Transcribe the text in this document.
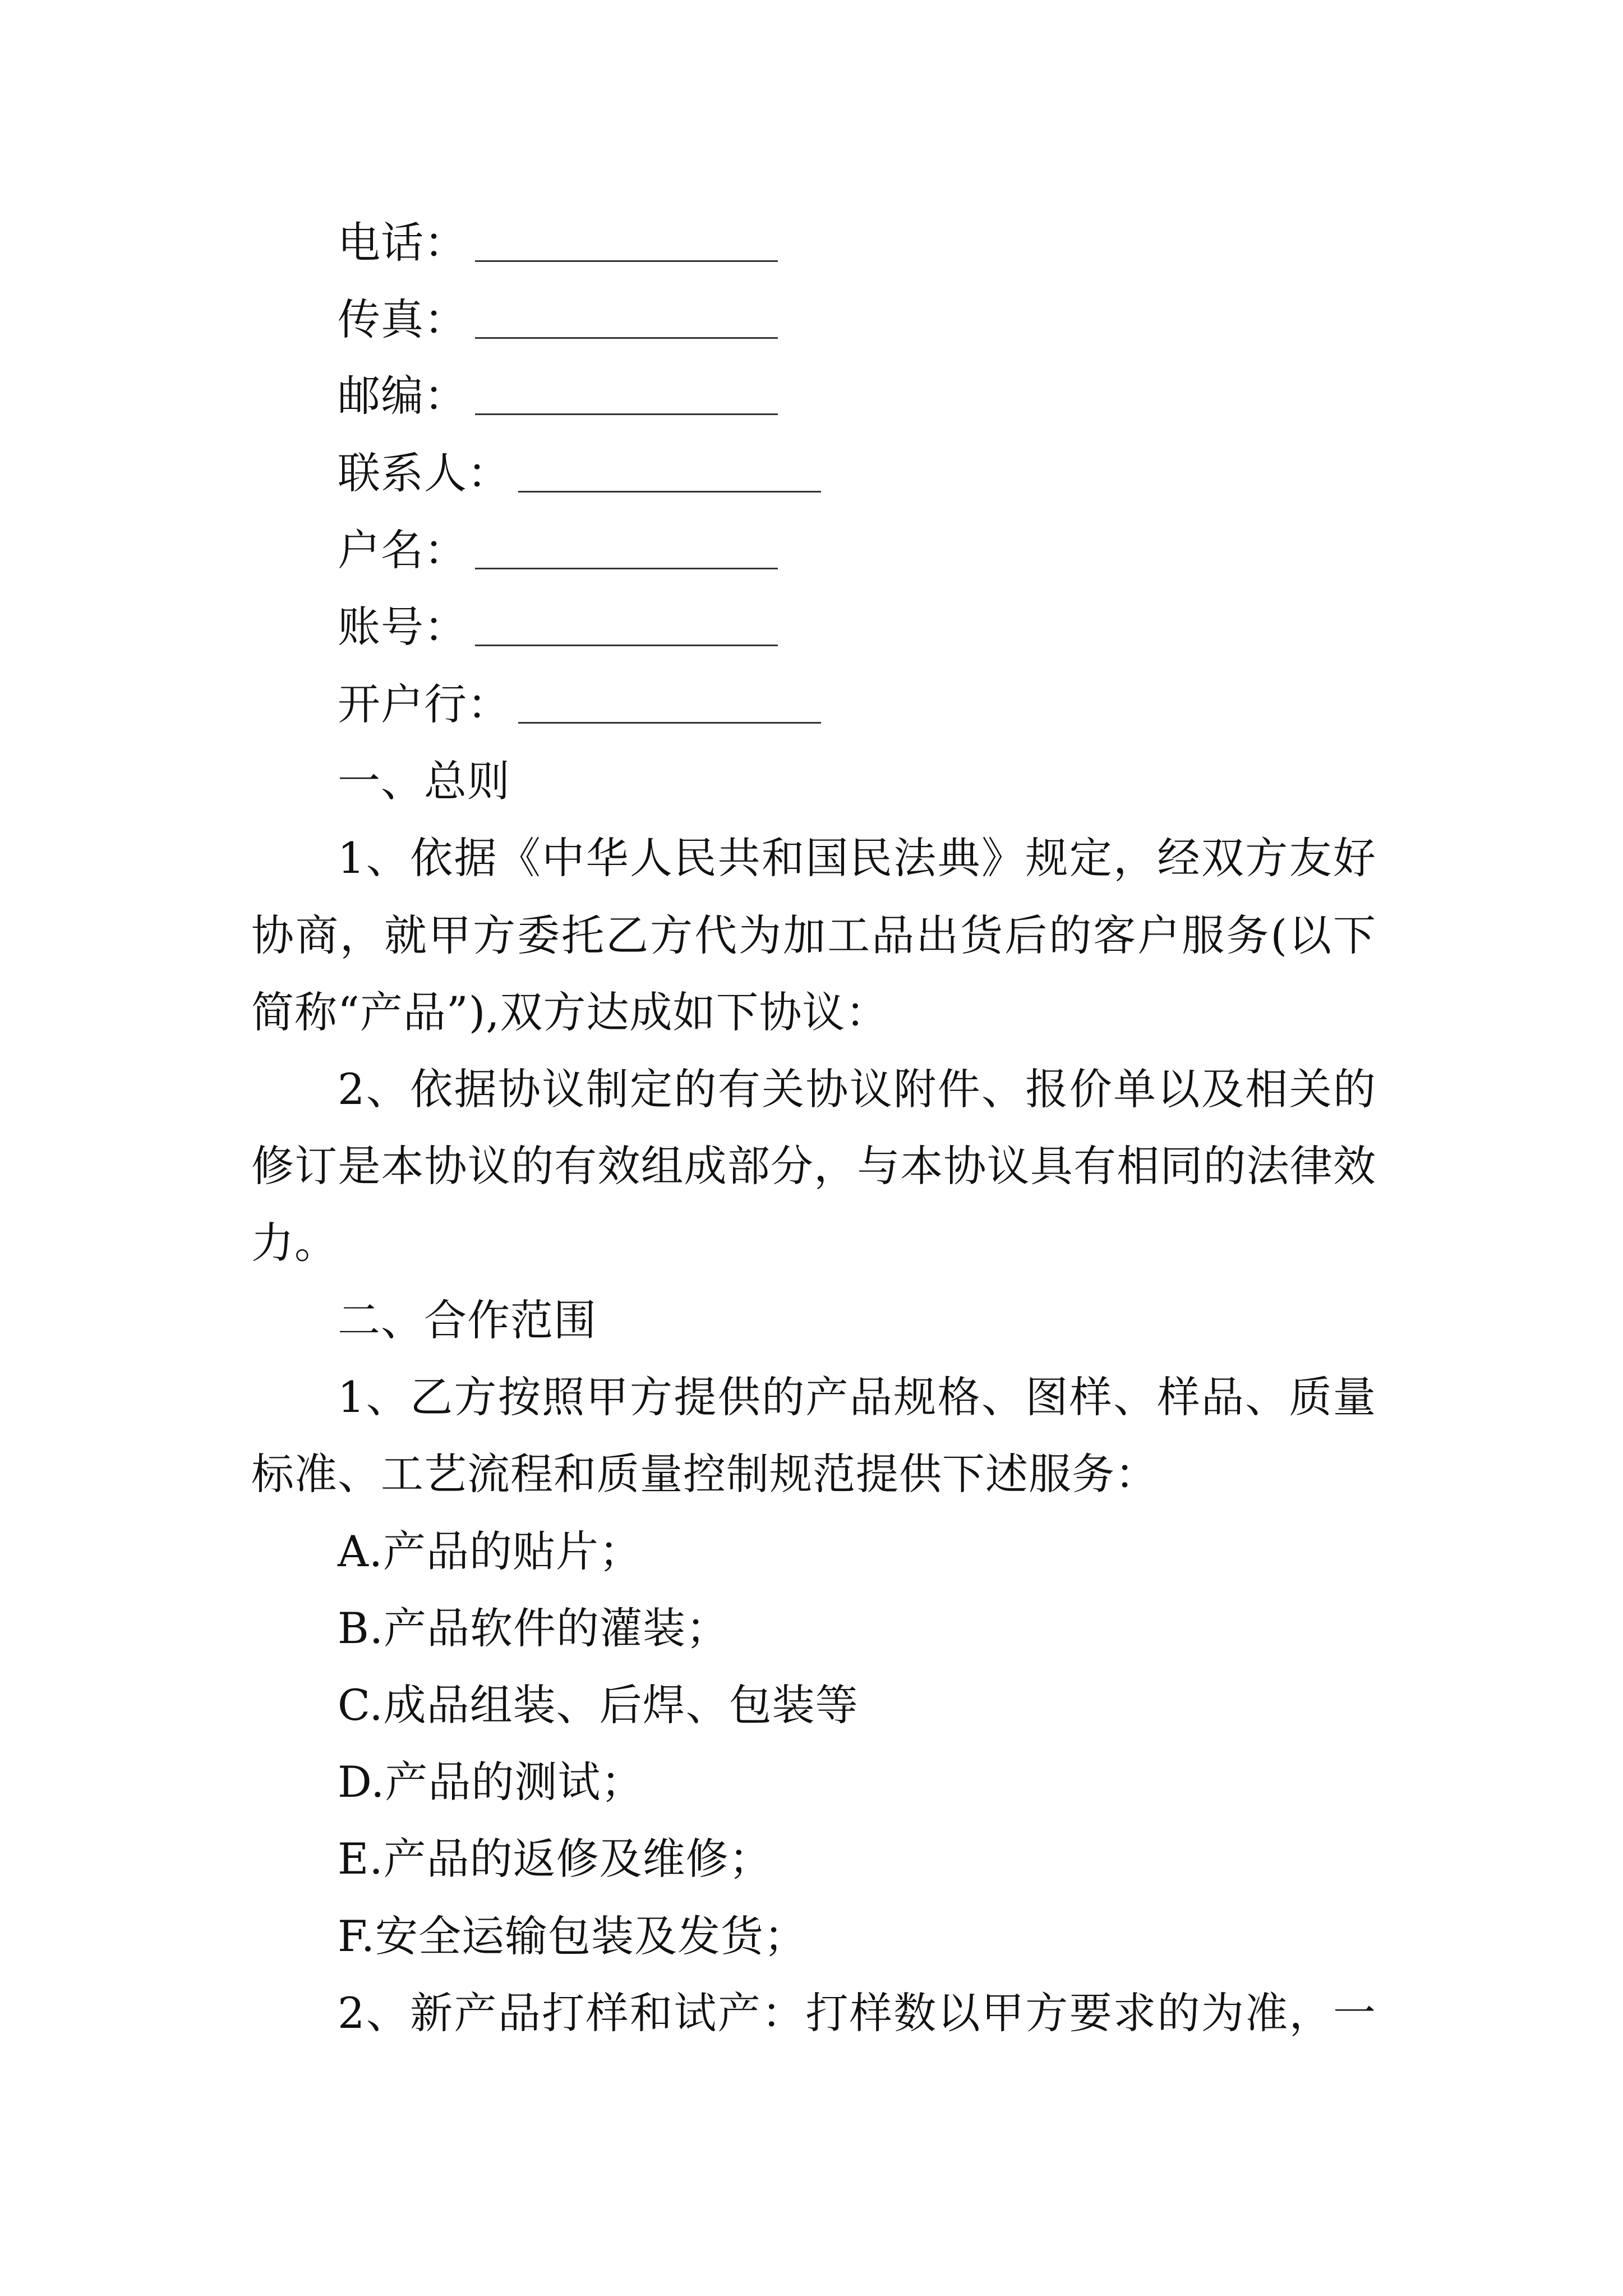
电话：
传真：
邮编：
联系人：
户名：
账号：
开户行：
一、总则
1、依据《中华人民共和国民法典》规定，经双方友好
协商，就甲方委托乙方代为加工品出货后的客户服务(以下
简称“产品”),双方达成如下协议：
2、依据协议制定的有关协议附件、报价单以及相关的
修订是本协议的有效组成部分，与本协议具有相同的法律效
力。
二、合作范围
1、乙方按照甲方提供的产品规格、图样、样品、质量
标准、工艺流程和质量控制规范提供下述服务：
A.产品的贴片；
B.产品软件的灌装；
C.成品组装、后焊、包装等
D.产品的测试；
E.产品的返修及维修；
F.安全运输包装及发货；
2、新产品打样和试产：打样数以甲方要求的为准，一
